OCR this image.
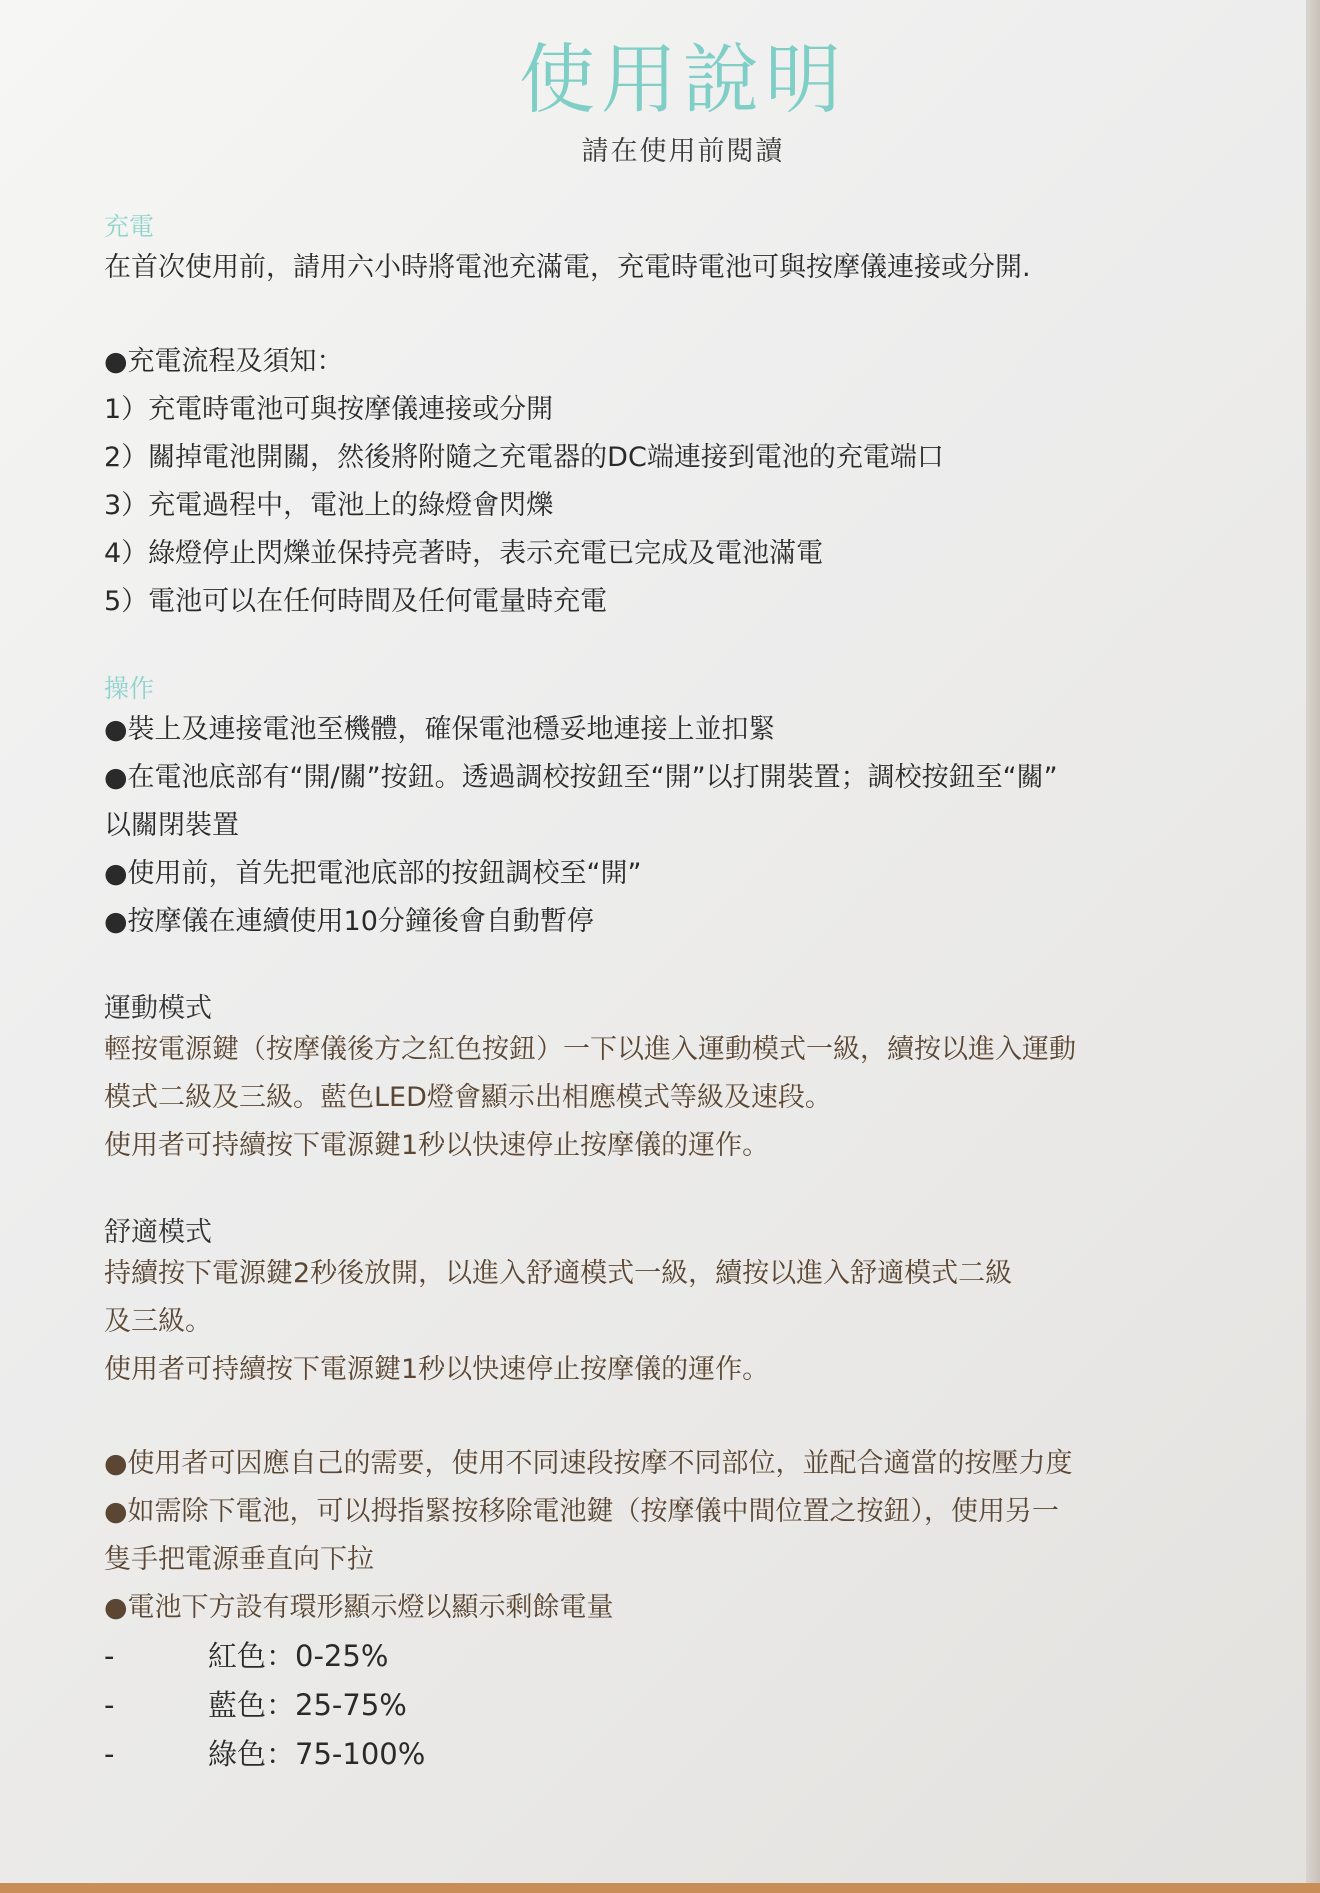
使用說明

請在使用前閱讀

充電

在首次使用前，請用六小時將電池充滿電，充電時電池可與按摩儀連接或分開.

●充電流程及須知：

1）充電時電池可與按摩儀連接或分開

2）關掉電池開關，然後將附隨之充電器的DC端連接到電池的充電端口

3）充電過程中，電池上的綠燈會閃爍

4）綠燈停止閃爍並保持亮著時，表示充電已完成及電池滿電

5）電池可以在任何時間及任何電量時充電

操作

●裝上及連接電池至機體，確保電池穩妥地連接上並扣緊

●在電池底部有“開/關”按鈕。透過調校按鈕至“開”以打開裝置；調校按鈕至“關”

以關閉裝置

●使用前，首先把電池底部的按鈕調校至“開”

●按摩儀在連續使用10分鐘後會自動暫停

運動模式

輕按電源鍵（按摩儀後方之紅色按鈕）一下以進入運動模式一級，續按以進入運動

模式二級及三級。藍色LED燈會顯示出相應模式等級及速段。

使用者可持續按下電源鍵1秒以快速停止按摩儀的運作。

舒適模式

持續按下電源鍵2秒後放開，以進入舒適模式一級，續按以進入舒適模式二級

及三級。

使用者可持續按下電源鍵1秒以快速停止按摩儀的運作。

●使用者可因應自己的需要，使用不同速段按摩不同部位，並配合適當的按壓力度

●如需除下電池，可以拇指緊按移除電池鍵（按摩儀中間位置之按鈕），使用另一

隻手把電源垂直向下拉

●電池下方設有環形顯示燈以顯示剩餘電量

-	紅色：0-25%
-	藍色：25-75%
-	綠色：75-100%
